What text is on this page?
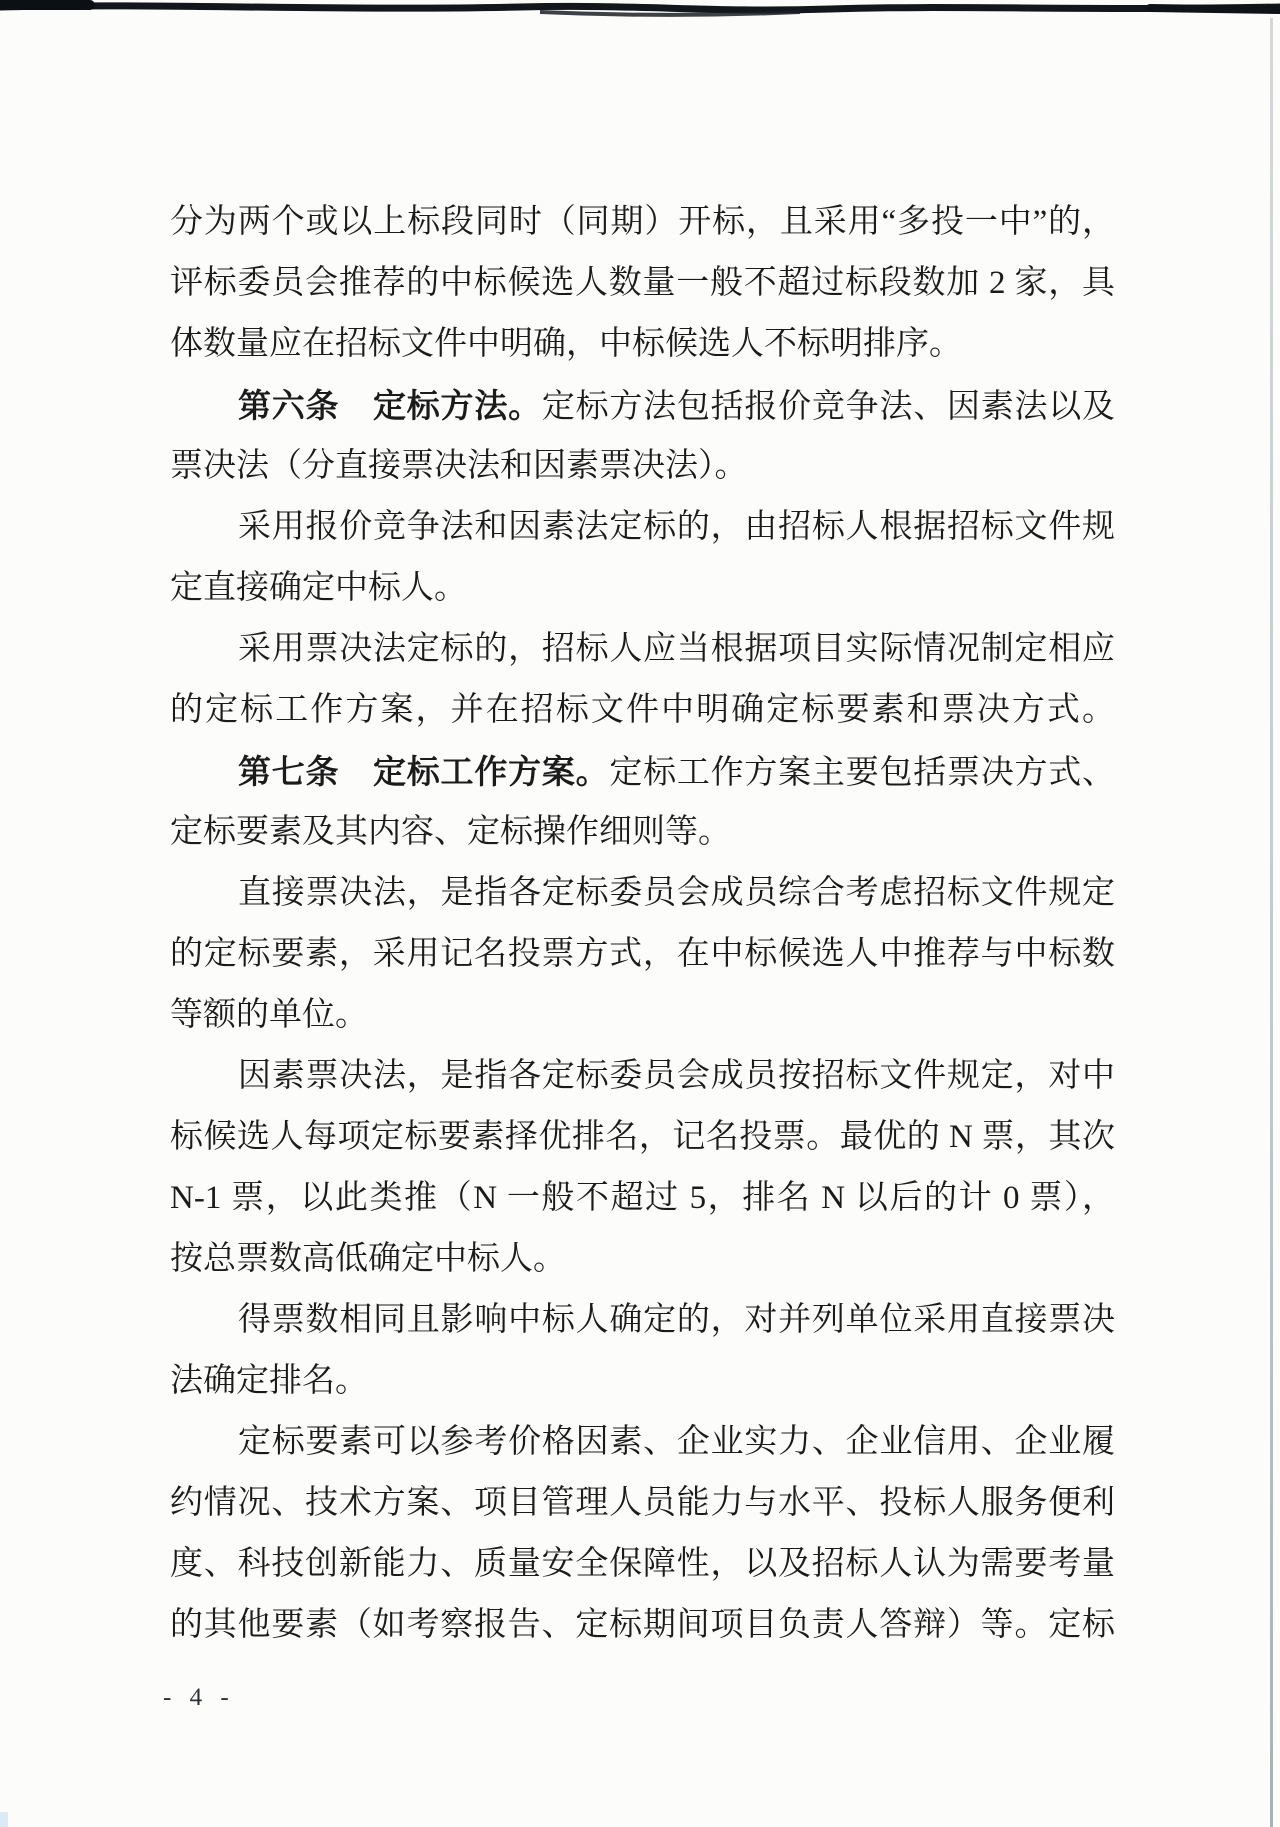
分为两个或以上标段同时（同期）开标，且采用“多投一中”的，
评标委员会推荐的中标候选人数量一般不超过标段数加 2 家，具
体数量应在招标文件中明确，中标候选人不标明排序。
第六条　定标方法。定标方法包括报价竞争法、因素法以及
票决法（分直接票决法和因素票决法）。
采用报价竞争法和因素法定标的，由招标人根据招标文件规
定直接确定中标人。
采用票决法定标的，招标人应当根据项目实际情况制定相应
的定标工作方案，并在招标文件中明确定标要素和票决方式。
第七条　定标工作方案。定标工作方案主要包括票决方式、
定标要素及其内容、定标操作细则等。
直接票决法，是指各定标委员会成员综合考虑招标文件规定
的定标要素，采用记名投票方式，在中标候选人中推荐与中标数
等额的单位。
因素票决法，是指各定标委员会成员按招标文件规定，对中
标候选人每项定标要素择优排名，记名投票。最优的 N 票，其次
N-1 票，以此类推（N 一般不超过 5，排名 N 以后的计 0 票），
按总票数高低确定中标人。
得票数相同且影响中标人确定的，对并列单位采用直接票决
法确定排名。
定标要素可以参考价格因素、企业实力、企业信用、企业履
约情况、技术方案、项目管理人员能力与水平、投标人服务便利
度、科技创新能力、质量安全保障性，以及招标人认为需要考量
的其他要素（如考察报告、定标期间项目负责人答辩）等。定标
- 4 -
